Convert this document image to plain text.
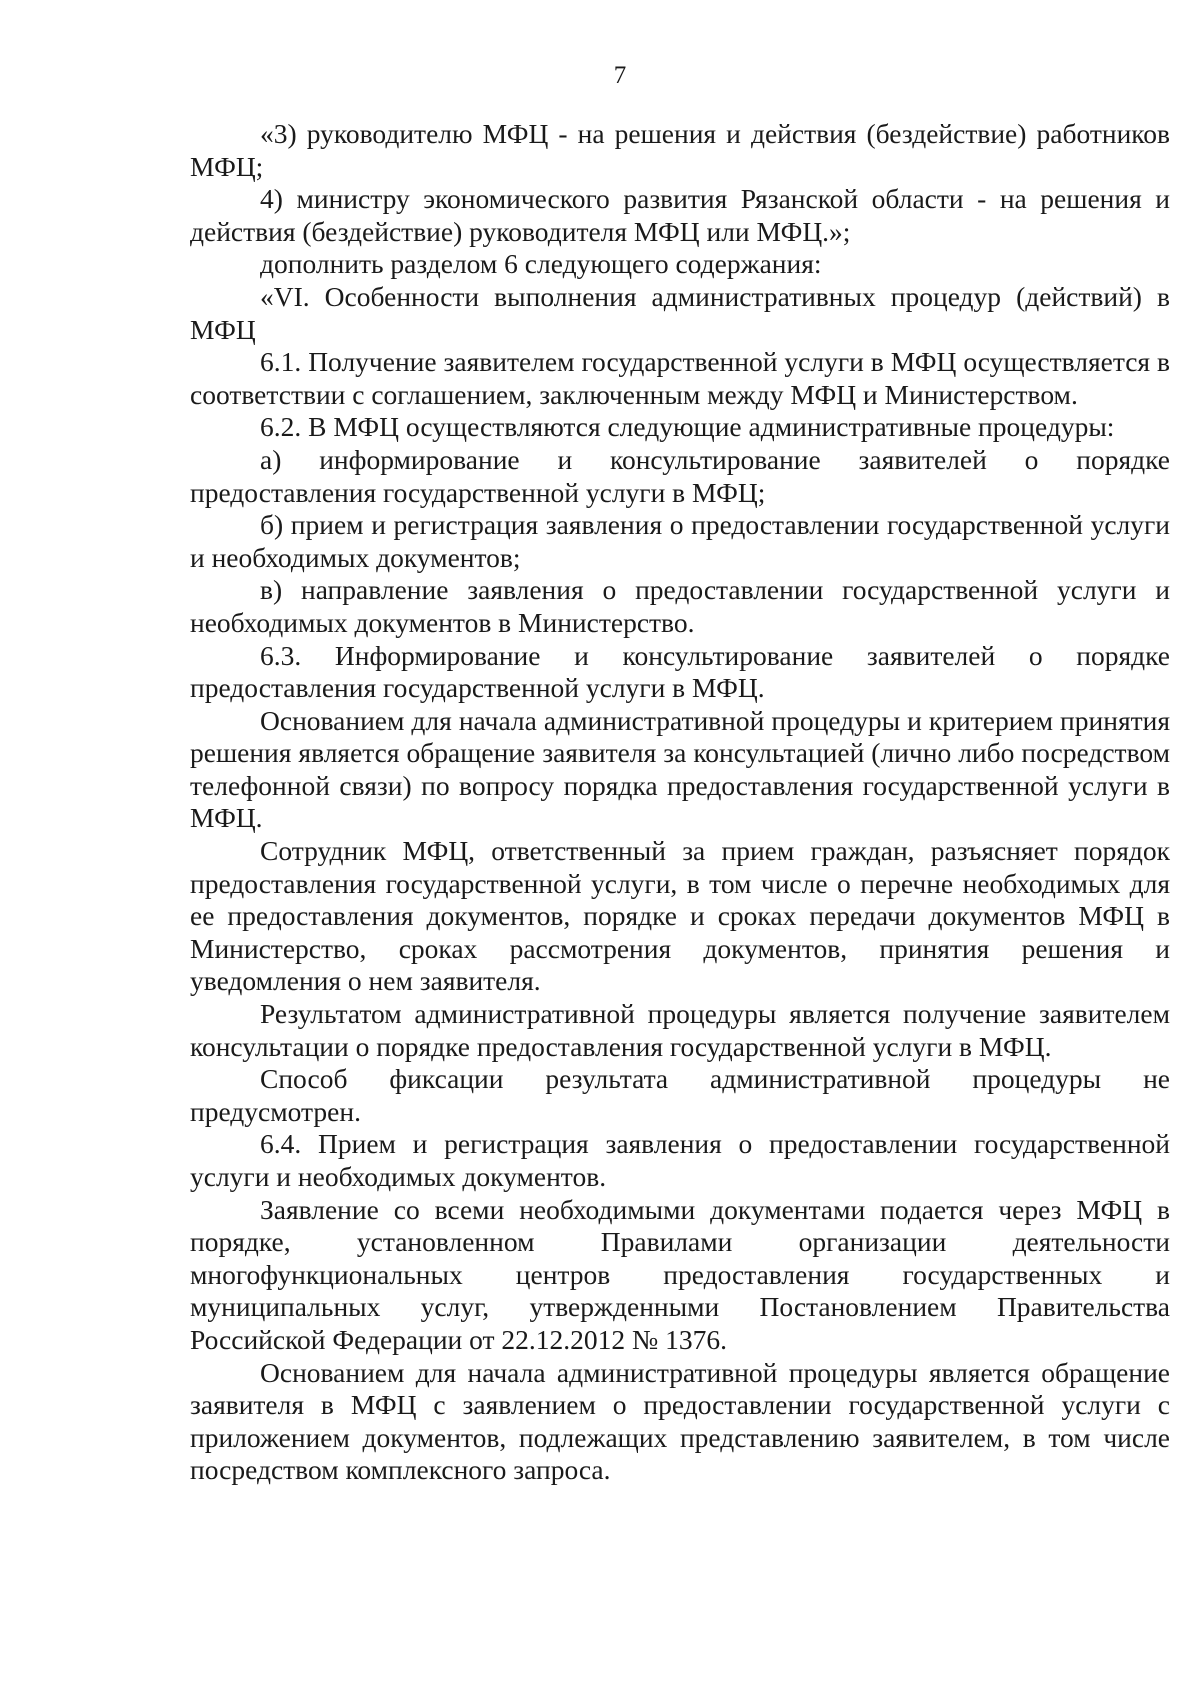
7

«3) руководителю МФЦ - на решения и действия (бездействие) работников МФЦ;

4) министру экономического развития Рязанской области - на решения и действия (бездействие) руководителя МФЦ или МФЦ.»;

дополнить разделом 6 следующего содержания:

«VI. Особенности выполнения административных процедур (действий) в МФЦ

6.1. Получение заявителем государственной услуги в МФЦ осуществляется в соответствии с соглашением, заключенным между МФЦ и Министерством.

6.2. В МФЦ осуществляются следующие административные процедуры:

а) информирование и консультирование заявителей о порядке предоставления государственной услуги в МФЦ;

б) прием и регистрация заявления о предоставлении государственной услуги и необходимых документов;

в) направление заявления о предоставлении государственной услуги и необходимых документов в Министерство.

6.3. Информирование и консультирование заявителей о порядке предоставления государственной услуги в МФЦ.

Основанием для начала административной процедуры и критерием принятия решения является обращение заявителя за консультацией (лично либо посредством телефонной связи) по вопросу порядка предоставления государственной услуги в МФЦ.

Сотрудник МФЦ, ответственный за прием граждан, разъясняет порядок предоставления государственной услуги, в том числе о перечне необходимых для ее предоставления документов, порядке и сроках передачи документов МФЦ в Министерство, сроках рассмотрения документов, принятия решения и уведомления о нем заявителя.

Результатом административной процедуры является получение заявителем консультации о порядке предоставления государственной услуги в МФЦ.

Способ фиксации результата административной процедуры не предусмотрен.

6.4. Прием и регистрация заявления о предоставлении государственной услуги и необходимых документов.

Заявление со всеми необходимыми документами подается через МФЦ в порядке, установленном Правилами организации деятельности многофункциональных центров предоставления государственных и муниципальных услуг, утвержденными Постановлением Правительства Российской Федерации от 22.12.2012 № 1376.

Основанием для начала административной процедуры является обращение заявителя в МФЦ с заявлением о предоставлении государственной услуги с приложением документов, подлежащих представлению заявителем, в том числе посредством комплексного запроса.
